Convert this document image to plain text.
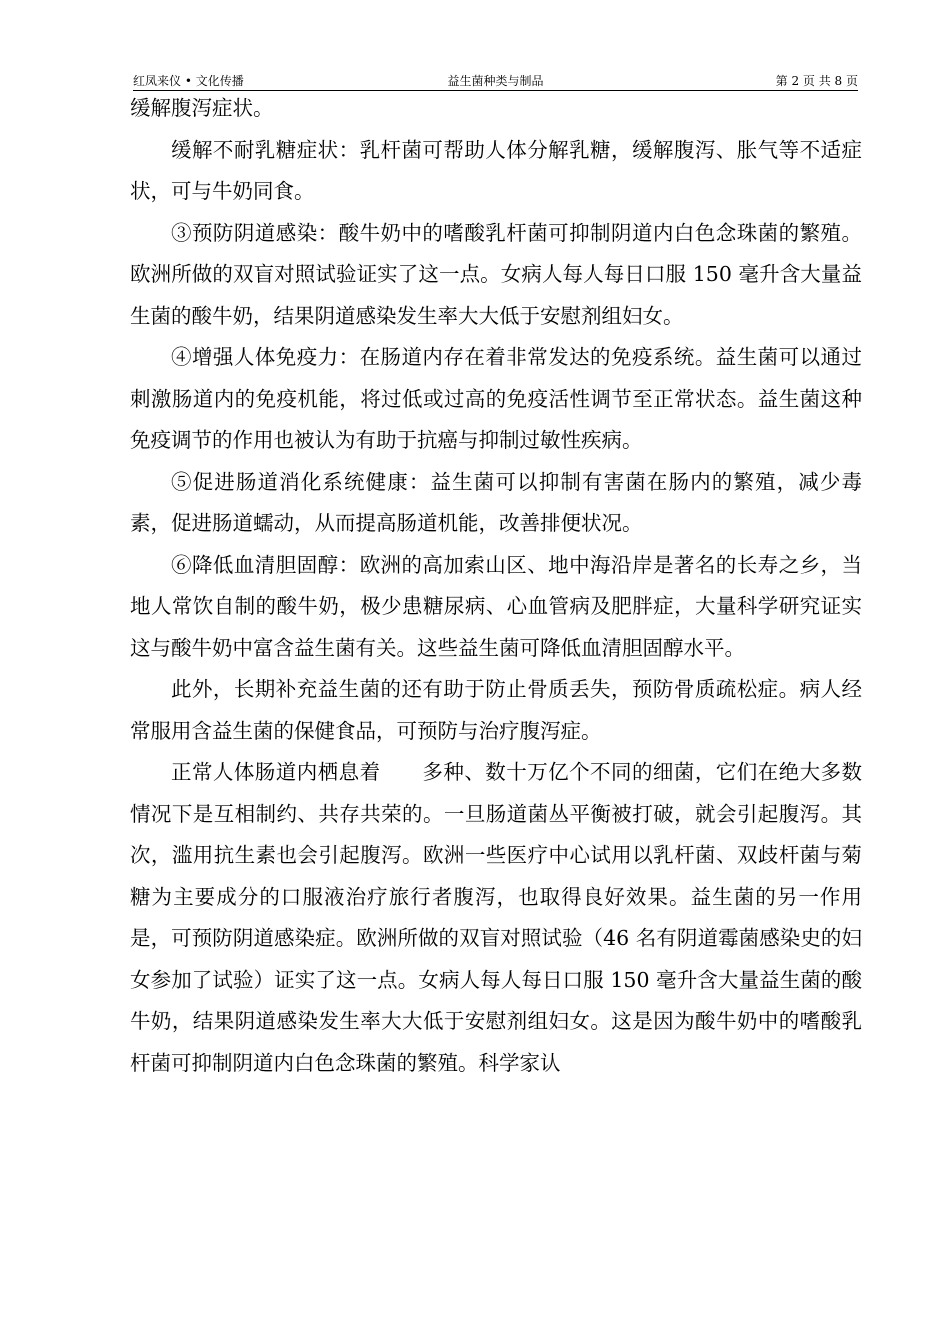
红凤来仪 • 文化传播	益生菌种类与制品	第 2 页 共 8 页

缓解腹泻症状。

缓解不耐乳糖症状：乳杆菌可帮助人体分解乳糖，缓解腹泻、胀气等不适症状，可与牛奶同食。

③预防阴道感染：酸牛奶中的嗜酸乳杆菌可抑制阴道内白色念珠菌的繁殖。欧洲所做的双盲对照试验证实了这一点。女病人每人每日口服 150 毫升含大量益生菌的酸牛奶，结果阴道感染发生率大大低于安慰剂组妇女。

④增强人体免疫力：在肠道内存在着非常发达的免疫系统。益生菌可以通过刺激肠道内的免疫机能，将过低或过高的免疫活性调节至正常状态。益生菌这种免疫调节的作用也被认为有助于抗癌与抑制过敏性疾病。

⑤促进肠道消化系统健康：益生菌可以抑制有害菌在肠内的繁殖，减少毒素，促进肠道蠕动，从而提高肠道机能，改善排便状况。

⑥降低血清胆固醇：欧洲的高加索山区、地中海沿岸是著名的长寿之乡，当地人常饮自制的酸牛奶，极少患糖尿病、心血管病及肥胖症，大量科学研究证实这与酸牛奶中富含益生菌有关。这些益生菌可降低血清胆固醇水平。

此外，长期补充益生菌的还有助于防止骨质丢失，预防骨质疏松症。病人经常服用含益生菌的保健食品，可预防与治疗腹泻症。

正常人体肠道内栖息着　　多种、数十万亿个不同的细菌，它们在绝大多数情况下是互相制约、共存共荣的。一旦肠道菌丛平衡被打破，就会引起腹泻。其次，滥用抗生素也会引起腹泻。欧洲一些医疗中心试用以乳杆菌、双歧杆菌与菊糖为主要成分的口服液治疗旅行者腹泻，也取得良好效果。益生菌的另一作用是，可预防阴道感染症。欧洲所做的双盲对照试验（46 名有阴道霉菌感染史的妇女参加了试验）证实了这一点。女病人每人每日口服 150 毫升含大量益生菌的酸牛奶，结果阴道感染发生率大大低于安慰剂组妇女。这是因为酸牛奶中的嗜酸乳杆菌可抑制阴道内白色念珠菌的繁殖。科学家认
